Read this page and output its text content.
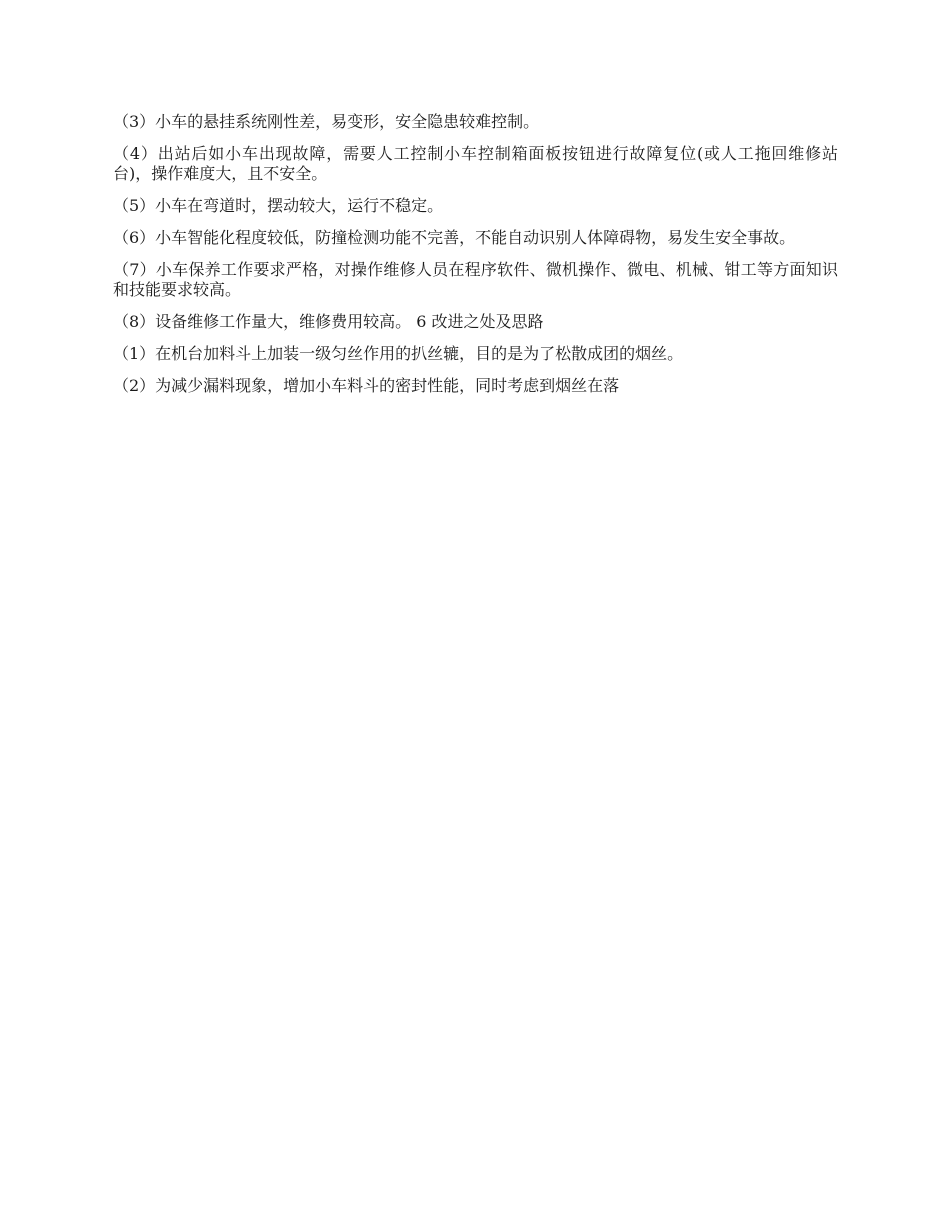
（3）小车的悬挂系统刚性差，易变形，安全隐患较难控制。

（4）出站后如小车出现故障，需要人工控制小车控制箱面板按钮进行故障复位(或人工拖回维修站台)，操作难度大，且不安全。

（5）小车在弯道时，摆动较大，运行不稳定。

（6）小车智能化程度较低，防撞检测功能不完善，不能自动识别人体障碍物，易发生安全事故。

（7）小车保养工作要求严格，对操作维修人员在程序软件、微机操作、微电、机械、钳工等方面知识和技能要求较高。

（8）设备维修工作量大，维修费用较高。 6 改进之处及思路

（1）在机台加料斗上加装一级匀丝作用的扒丝辘，目的是为了松散成团的烟丝。

（2）为减少漏料现象，增加小车料斗的密封性能，同时考虑到烟丝在落
